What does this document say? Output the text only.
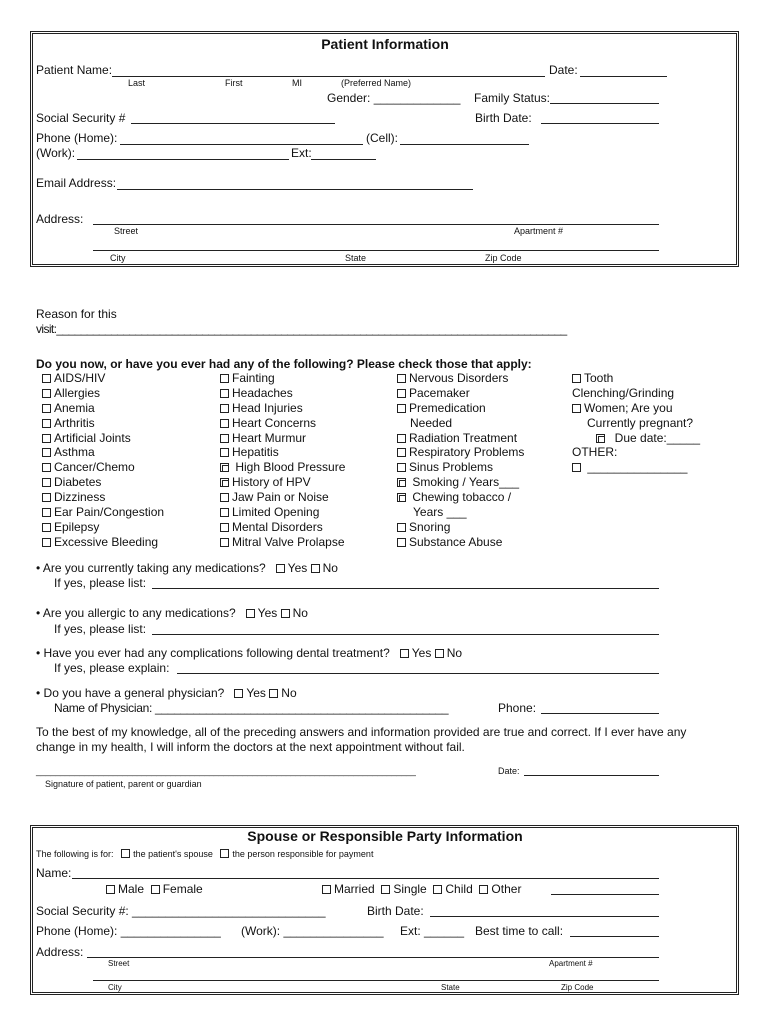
Patient Information
Patient Name:	Date:
Last	First	MI	(Preferred Name)
Gender: _____________ Family Status:
Social Security #	Birth Date:
Phone (Home):	(Cell):
(Work):	Ext:
Email Address:
Address:
Street	Apartment #
City	State	Zip Code
Reason for this
visit:____________________________________________________________________________________
Do you now, or have you ever had any of the following? Please check those that apply:
AIDS/HIV
Allergies
Anemia
Arthritis
Artificial Joints
Asthma
Cancer/Chemo
Diabetes
Dizziness
Ear Pain/Congestion
Epilepsy
Excessive Bleeding
Fainting
Headaches
Head Injuries
Heart Concerns
Heart Murmur
Hepatitis
High Blood Pressure
History of HPV
Jaw Pain or Noise
Limited Opening
Mental Disorders
Mitral Valve Prolapse
Nervous Disorders
Pacemaker
Premedication
Needed
Radiation Treatment
Respiratory Problems
Sinus Problems
Smoking / Years___
Chewing tobacco /
Years ___
Snoring
Substance Abuse
Tooth
Clenching/Grinding
Women; Are you
Currently pregnant?
Due date:_____
OTHER:
_______________
• Are you currently taking any medications? Yes No
If yes, please list:
• Are you allergic to any medications? Yes No
If yes, please list:
• Have you ever had any complications following dental treatment? Yes No
If yes, please explain:
• Do you have a general physician? Yes No
Name of Physician: ______________________________________________	Phone:
To the best of my knowledge, all of the preceding answers and information provided are true and correct. If I ever have any
change in my health, I will inform the doctors at the next appointment without fail.
_______________________________________________________________________________	Date:
Signature of patient, parent or guardian
Spouse or Responsible Party Information
The following is for: the patient's spouse the person responsible for payment
Name:
Male Female	Married Single Child Other
Social Security #: _____________________________	Birth Date:
Phone (Home): _______________ (Work): _______________ Ext: ______ Best time to call:
Address:
Street	Apartment #
City	State	Zip Code
